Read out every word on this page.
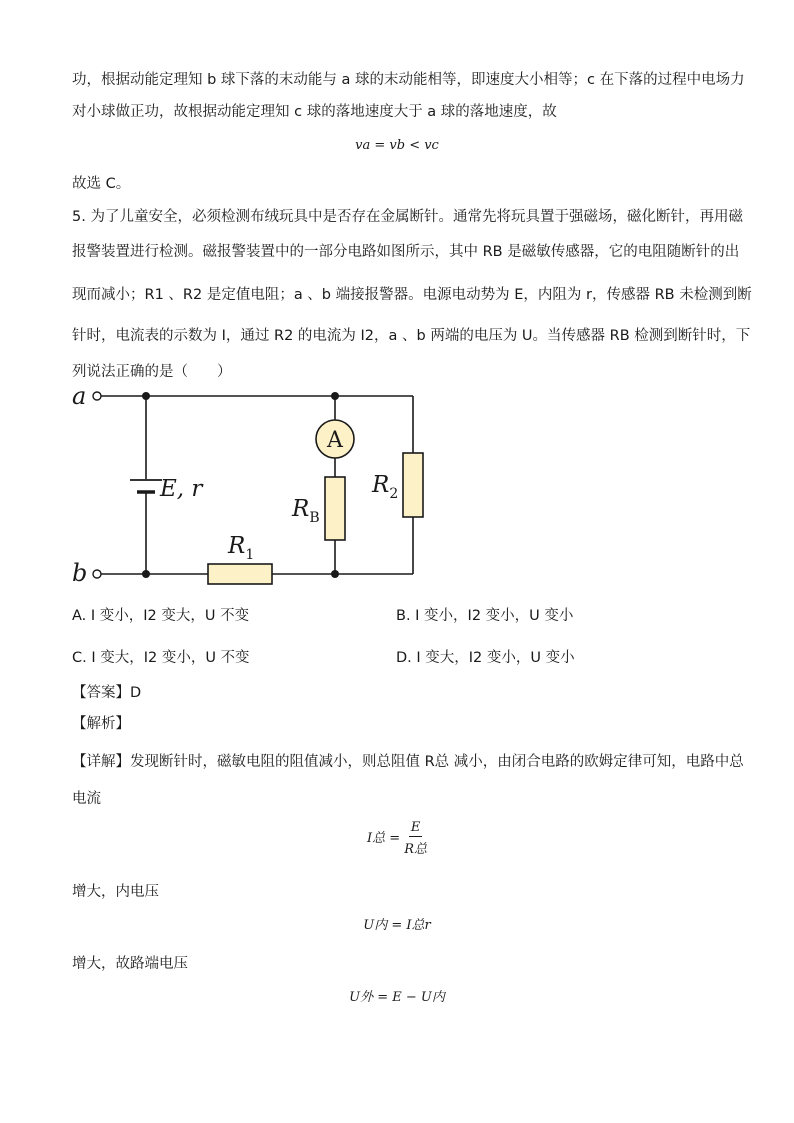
功，根据动能定理知 b 球下落的末动能与 a 球的末动能相等，即速度大小相等；c 在下落的过程中电场力
对小球做正功，故根据动能定理知 c 球的落地速度大于 a 球的落地速度，故
va = vb < vc
故选 C。
5. 为了儿童安全，必须检测布绒玩具中是否存在金属断针。通常先将玩具置于强磁场，磁化断针，再用磁
报警装置进行检测。磁报警装置中的一部分电路如图所示，其中 RB 是磁敏传感器，它的电阻随断针的出
现而减小；R1 、R2 是定值电阻；a 、b 端接报警器。电源电动势为 E，内阻为 r，传感器 RB 未检测到断
针时，电流表的示数为 I，通过 R2 的电流为 I2，a 、b 两端的电压为 U。当传感器 RB 检测到断针时，下
列说法正确的是（　　）
A
a
b
E, r
$R_B$
$R_2$
$R_1$
A. I 变小，I2 变大，U 不变	B. I 变小，I2 变小，U 变小
C. I 变大，I2 变小，U 不变	D. I 变大，I2 变小，U 变小
【答案】D
【解析】
【详解】发现断针时，磁敏电阻的阻值减小，则总阻值 R总 减小，由闭合电路的欧姆定律可知，电路中总
电流
I总 = $\frac{E}{\text{R总}}$
增大，内电压
U内 = I总r
增大，故路端电压
U外 = E − U内
